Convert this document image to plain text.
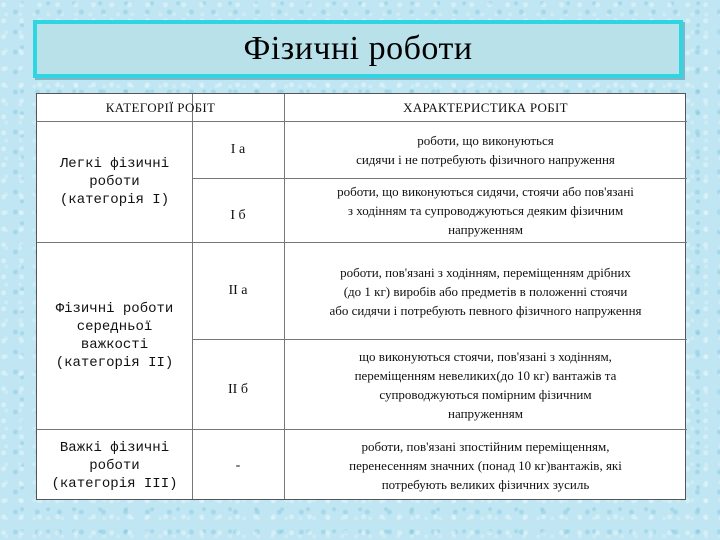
Фізичні роботи
КАТЕГОРІЇ РОБІТ	ХАРАКТЕРИСТИКА РОБІТ
Легкі фізичні
роботи
(категорія І)
Фізичні роботи
середньої
важкості
(категорія ІІ)
Важкі фізичні
роботи
(категорія ІІІ)
І а
І б
ІІ а
ІІ б
-
роботи, що виконуються
сидячи і не потребують фізичного напруження
роботи, що виконуються сидячи, стоячи або пов'язані
з ходінням та супроводжуються деяким фізичним
напруженням
роботи, пов'язані з ходінням, переміщенням дрібних
(до 1 кг) виробів або предметів в положенні стоячи
або сидячи і потребують певного фізичного напруження
що виконуються стоячи, пов'язані з ходінням,
переміщенням невеликих(до 10 кг) вантажів та
супроводжуються помірним фізичним
напруженням
роботи, пов'язані зпостійним переміщенням,
перенесенням значних (понад 10 кг)вантажів, які
потребують великих фізичних зусиль
